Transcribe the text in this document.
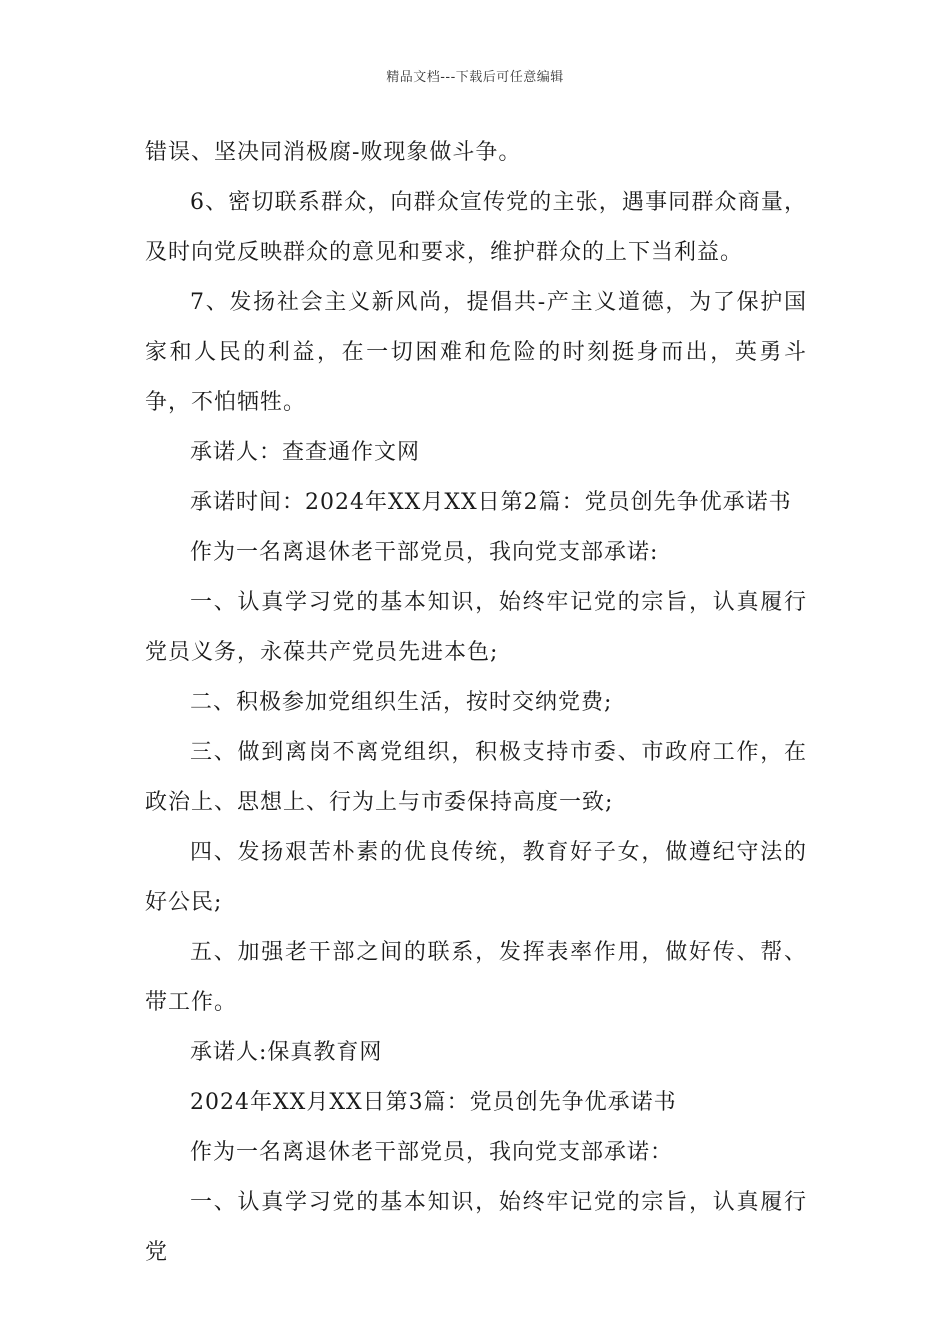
精品文档---下载后可任意编辑

错误、坚决同消极腐-败现象做斗争。

6、密切联系群众，向群众宣传党的主张，遇事同群众商量，及时向党反映群众的意见和要求，维护群众的上下当利益。

7、发扬社会主义新风尚，提倡共-产主义道德，为了保护国家和人民的利益，在一切困难和危险的时刻挺身而出，英勇斗争，不怕牺牲。

承诺人：查查通作文网

承诺时间：2024年XX月XX日第2篇：党员创先争优承诺书

作为一名离退休老干部党员，我向党支部承诺:

一、认真学习党的基本知识，始终牢记党的宗旨，认真履行党员义务，永葆共产党员先进本色;

二、积极参加党组织生活，按时交纳党费;

三、做到离岗不离党组织，积极支持市委、市政府工作，在政治上、思想上、行为上与市委保持高度一致;

四、发扬艰苦朴素的优良传统，教育好子女，做遵纪守法的好公民;

五、加强老干部之间的联系，发挥表率作用，做好传、帮、带工作。

承诺人:保真教育网

2024年XX月XX日第3篇：党员创先争优承诺书

作为一名离退休老干部党员，我向党支部承诺：

一、认真学习党的基本知识，始终牢记党的宗旨，认真履行党
